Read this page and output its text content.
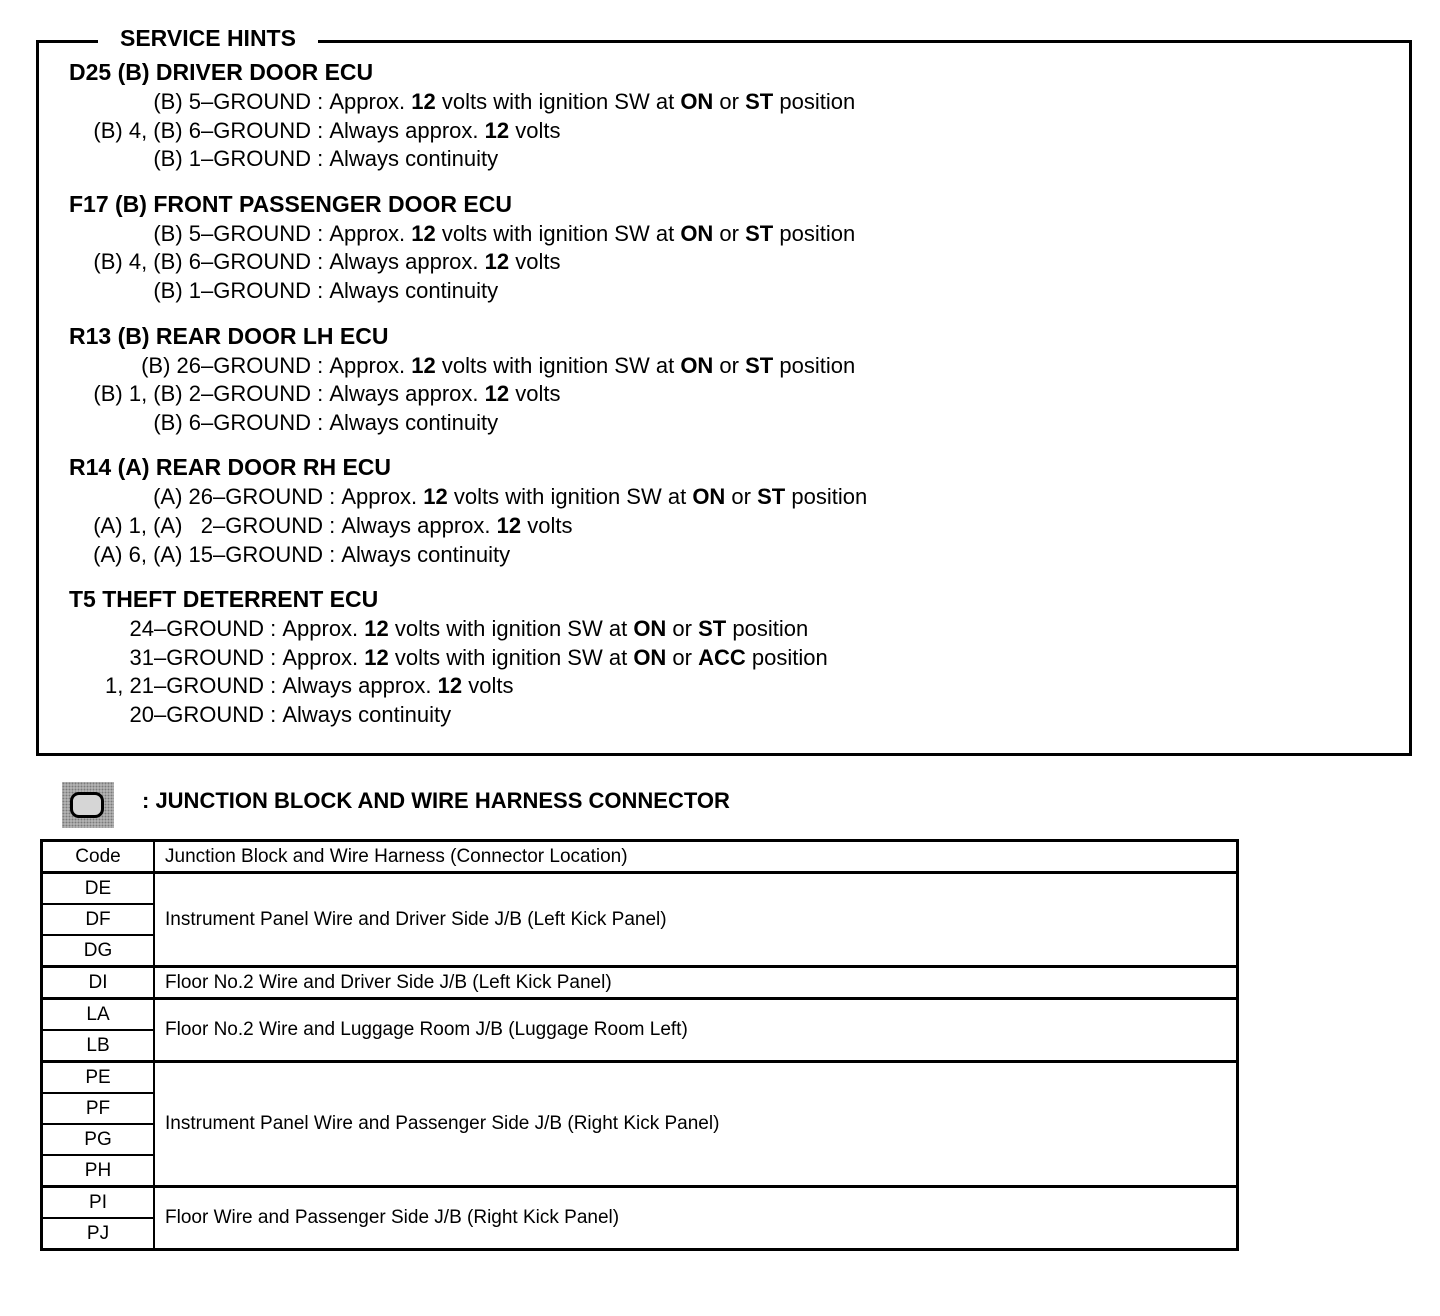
SERVICE HINTS
D25 (B) DRIVER DOOR ECU
(B) 5–GROUND : Approx. 12 volts with ignition SW at ON or ST position
(B) 4, (B) 6–GROUND : Always approx. 12 volts
(B) 1–GROUND : Always continuity
F17 (B) FRONT PASSENGER DOOR ECU
(B) 5–GROUND : Approx. 12 volts with ignition SW at ON or ST position
(B) 4, (B) 6–GROUND : Always approx. 12 volts
(B) 1–GROUND : Always continuity
R13 (B) REAR DOOR LH ECU
(B) 26–GROUND : Approx. 12 volts with ignition SW at ON or ST position
(B) 1, (B) 2–GROUND : Always approx. 12 volts
(B) 6–GROUND : Always continuity
R14 (A) REAR DOOR RH ECU
(A) 26–GROUND : Approx. 12 volts with ignition SW at ON or ST position
(A) 1, (A)   2–GROUND : Always approx. 12 volts
(A) 6, (A) 15–GROUND : Always continuity
T5 THEFT DETERRENT ECU
24–GROUND : Approx. 12 volts with ignition SW at ON or ST position
31–GROUND : Approx. 12 volts with ignition SW at ON or ACC position
1, 21–GROUND : Always approx. 12 volts
20–GROUND : Always continuity
: JUNCTION BLOCK AND WIRE HARNESS CONNECTOR
Code	Junction Block and Wire Harness (Connector Location)
DE	Instrument Panel Wire and Driver Side J/B (Left Kick Panel)
DF	
DG	
DI	Floor No.2 Wire and Driver Side J/B (Left Kick Panel)
LA	Floor No.2 Wire and Luggage Room J/B (Luggage Room Left)
LB	
PE	Instrument Panel Wire and Passenger Side J/B (Right Kick Panel)
PF	
PG	
PH	
PI	Floor Wire and Passenger Side J/B (Right Kick Panel)
PJ	
